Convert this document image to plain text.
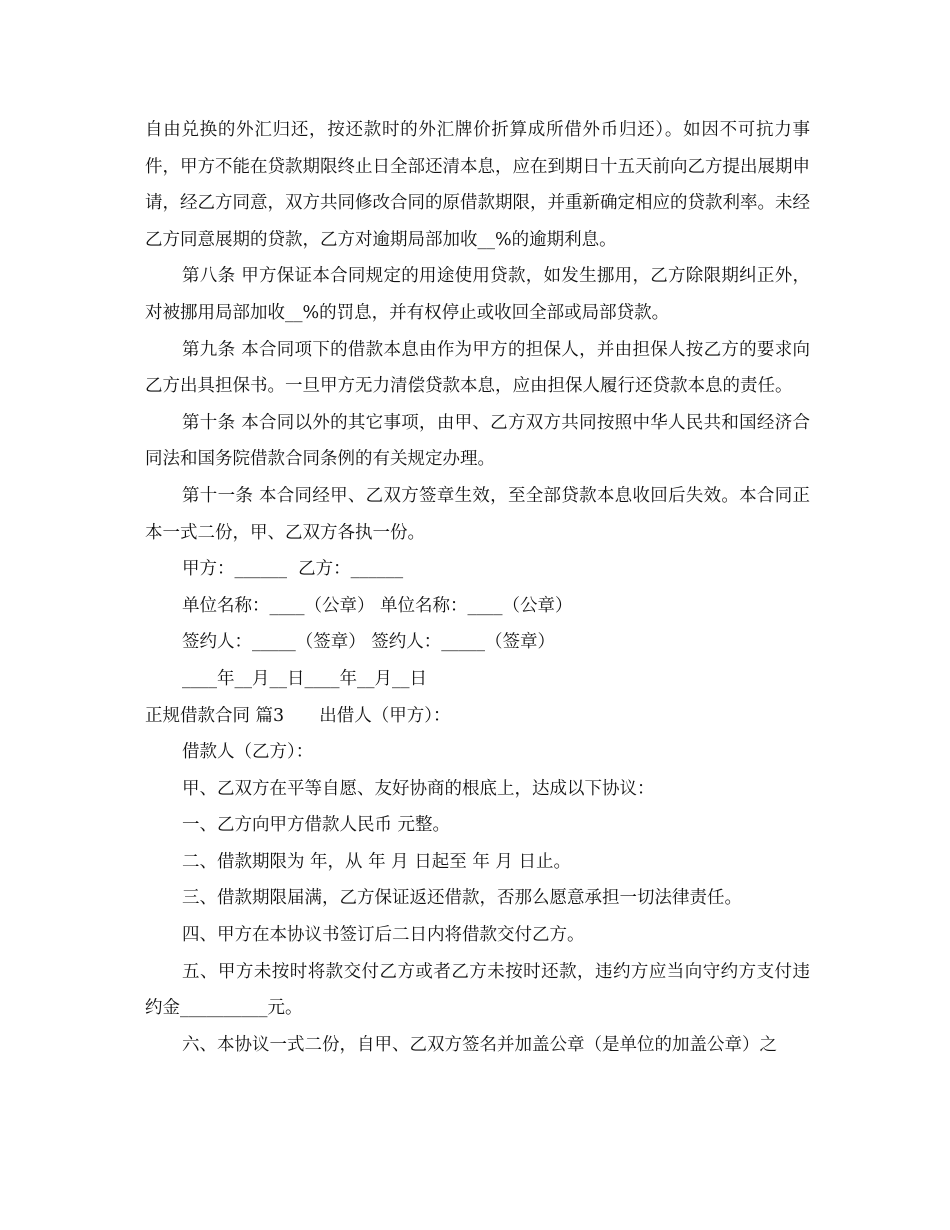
自由兑换的外汇归还，按还款时的外汇牌价折算成所借外币归还）。如因不可抗力事件，甲方不能在贷款期限终止日全部还清本息，应在到期日十五天前向乙方提出展期申请，经乙方同意，双方共同修改合同的原借款期限，并重新确定相应的贷款利率。未经乙方同意展期的贷款，乙方对逾期局部加收__%的逾期利息。

第八条 甲方保证本合同规定的用途使用贷款，如发生挪用，乙方除限期纠正外，对被挪用局部加收__%的罚息，并有权停止或收回全部或局部贷款。

第九条 本合同项下的借款本息由作为甲方的担保人，并由担保人按乙方的要求向乙方出具担保书。一旦甲方无力清偿贷款本息，应由担保人履行还贷款本息的责任。

第十条 本合同以外的其它事项，由甲、乙方双方共同按照中华人民共和国经济合同法和国务院借款合同条例的有关规定办理。

第十一条 本合同经甲、乙双方签章生效，至全部贷款本息收回后失效。本合同正本一式二份，甲、乙双方各执一份。

甲方：______  乙方：______

单位名称：____（公章） 单位名称：____（公章）

签约人：_____（签章） 签约人：_____（签章）

____年__月__日____年__月__日

正规借款合同 篇3　　出借人（甲方）：

借款人（乙方）：

甲、乙双方在平等自愿、友好协商的根底上，达成以下协议：

一、乙方向甲方借款人民币 元整。

二、借款期限为 年，从 年 月 日起至 年 月 日止。

三、借款期限届满，乙方保证返还借款，否那么愿意承担一切法律责任。

四、甲方在本协议书签订后二日内将借款交付乙方。

五、甲方未按时将款交付乙方或者乙方未按时还款，违约方应当向守约方支付违约金__________元。

六、本协议一式二份，自甲、乙双方签名并加盖公章（是单位的加盖公章）之
